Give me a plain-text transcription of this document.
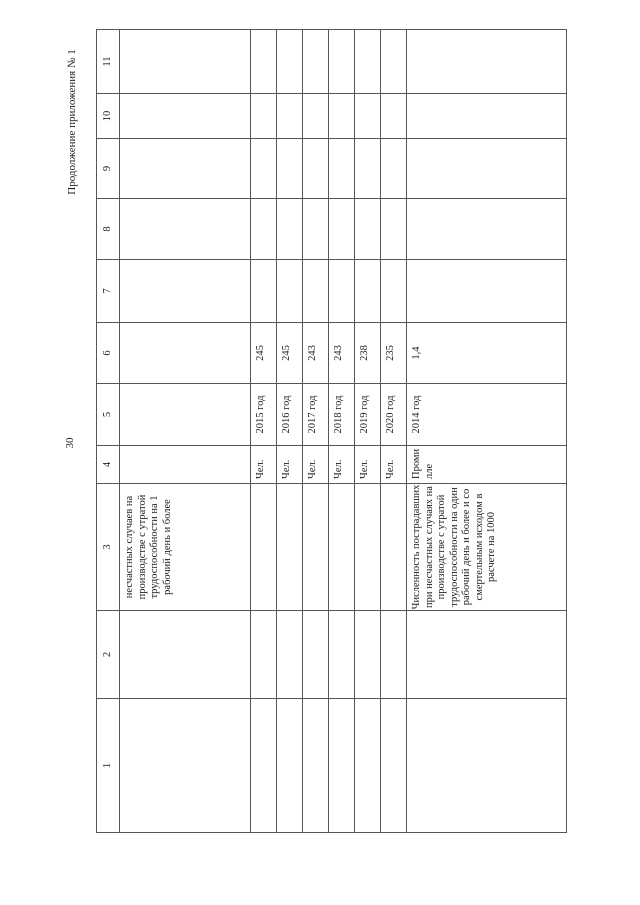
30
Продолжение приложения № 1
1	2	3	4	5	6	7	8	9	10	11
		несчастных случаев на производстве с утратой трудоспособности на 1 рабочий день и более								
			Чел.	2015 год	245					
			Чел.	2016 год	245					
			Чел.	2017 год	243					
			Чел.	2018 год	243					
			Чел.	2019 год	238					
			Чел.	2020 год	235					
		Численность пострадавших при несчастных случаях на производстве с утратой трудоспособности на один рабочий день и более и со смертельным исходом в расчете на 1000	Проми лле	2014 год	1,4					
